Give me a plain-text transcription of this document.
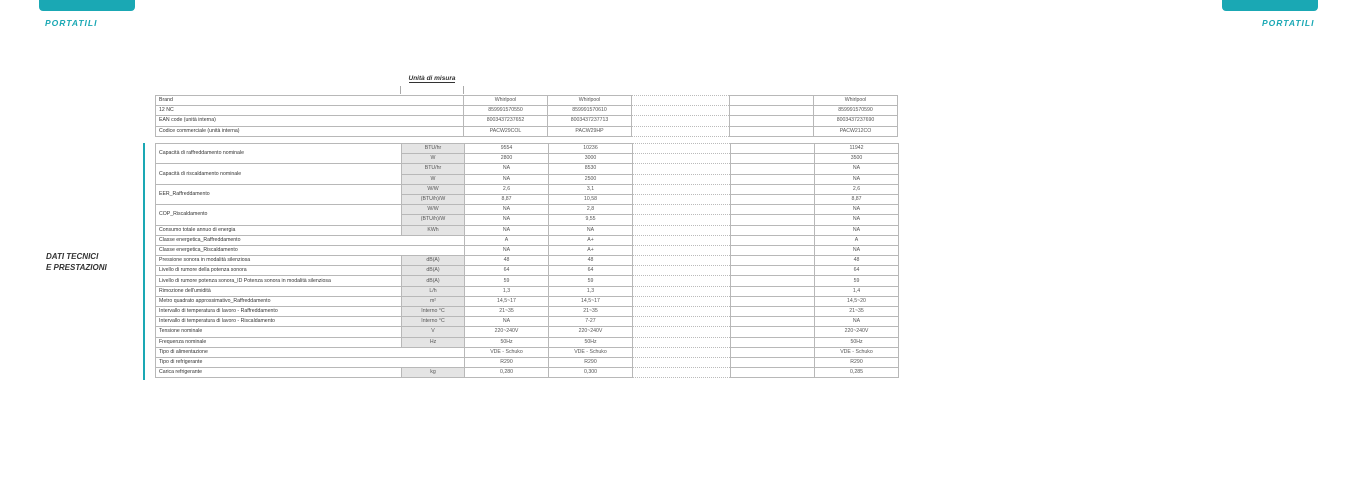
PORTATILI	PORTATILI
Unità di misura
DATI TECNICI
E PRESTAZIONI
Brand	Whirlpool	Whirlpool			Whirlpool
12 NC	859991570550	859991570610			859991570590
EAN code (unità interna)	8003437237652	8003437237713			8003437237690
Codice commerciale (unità interna)	PACW29COL	PACW29HP			PACW212CO
Capacità di raffreddamento nominale	BTU/hr	9554	10236			11942
	W	2800	3000			3500
Capacità di riscaldamento nominale	BTU/hr	NA	8530			NA
	W	NA	2500			NA
EER_Raffreddamento	W/W	2,6	3,1			2,6
	(BTU/h)/W	8,87	10,58			8,87
COP_Riscaldamento	W/W	NA	2,8			NA
	(BTU/h)/W	NA	9,55			NA
Consumo totale annuo di energia	KWh	NA	NA			NA
Classe energetica_Raffreddamento		A	A+			A
Classe energetica_Riscaldamento		NA	A+			NA
Pressione sonora in modalità silenziosa	dB(A)	48	48			48
Livello di rumore della potenza sonora	dB(A)	64	64			64
Livello di rumore potenza sonora_ID Potenza sonora in modalità silenziosa	dB(A)	59	59			59
Rimozione dell'umidità	L/h	1,3	1,3			1,4
Metro quadrato approssimativo_Raffreddamento	m²	14,5~17	14,5~17			14,5~20
Intervallo di temperatura di lavoro - Raffreddamento	Interno °C	21~35	21~35			21~35
Intervallo di temperatura di lavoro - Riscaldamento	Interno °C	NA	7-27			NA
Tensione nominale	V	220~240V	220~240V			220~240V
Frequenza nominale	Hz	50Hz	50Hz			50Hz
Tipo di alimentazione		VDE - Schuko	VDE - Schuko			VDE - Schuko
Tipo di refrigerante		R290	R290			R290
Carica refrigerante	kg	0,280	0,300			0,285
